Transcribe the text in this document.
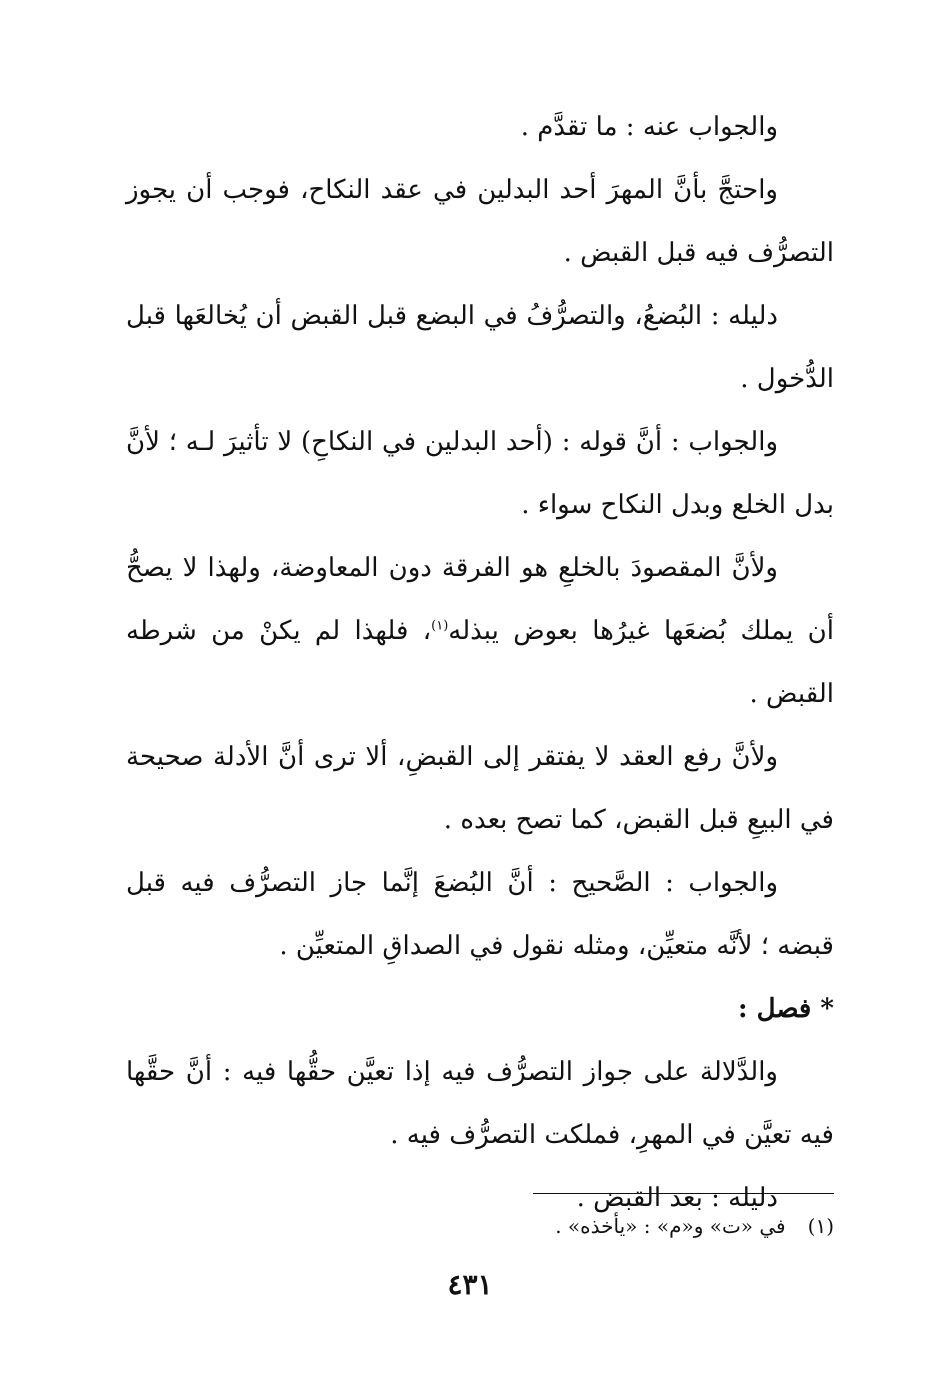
والجواب عنه : ما تقدَّم .

واحتجَّ بأنَّ المهرَ أحد البدلين في عقد النكاح، فوجب أن يجوز التصرُّف فيه قبل القبض .

دليله : البُضعُ، والتصرُّفُ في البضع قبل القبض أن يُخالعَها قبل الدُّخول .

والجواب : أنَّ قوله : (أحد البدلين في النكاحِ) لا تأثيرَ لـه ؛ لأنَّ بدل الخلع وبدل النكاح سواء .

ولأنَّ المقصودَ بالخلعِ هو الفرقة دون المعاوضة، ولهذا لا يصحُّ أن يملك بُضعَها غيرُها بعوض يبذله$^{(١)}$، فلهذا لم يكنْ من شرطه القبض .

ولأنَّ رفع العقد لا يفتقر إلى القبضِ، ألا ترى أنَّ الأدلة صحيحة في البيعِ قبل القبض، كما تصح بعده .

والجواب : الصَّحيح : أنَّ البُضعَ إنَّما جاز التصرُّف فيه قبل قبضه ؛ لأنَّه متعيِّن، ومثله نقول في الصداقِ المتعيِّن .

* فصل :

والدَّلالة على جواز التصرُّف فيه إذا تعيَّن حقُّها فيه : أنَّ حقَّها فيه تعيَّن في المهرِ، فملكت التصرُّف فيه .

دليله : بعد القبض .

(١)في «ت» و«م» : «يأخذه» .
٤٣١
